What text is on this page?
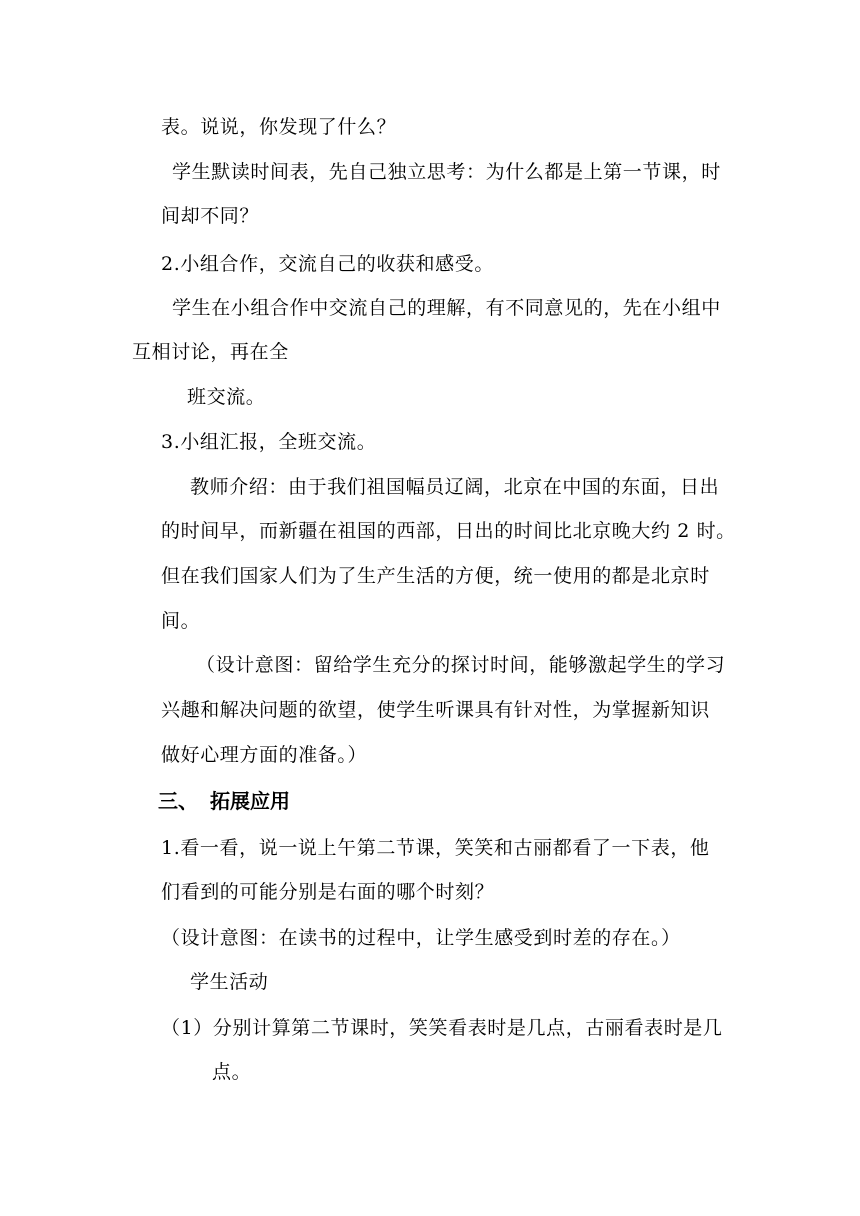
表。说说，你发现了什么？
学生默读时间表，先自己独立思考：为什么都是上第一节课，时
间却不同？
2.小组合作，交流自己的收获和感受。
学生在小组合作中交流自己的理解，有不同意见的，先在小组中
互相讨论，再在全
班交流。
3.小组汇报，全班交流。
教师介绍：由于我们祖国幅员辽阔，北京在中国的东面，日出
的时间早，而新疆在祖国的西部，日出的时间比北京晚大约 2 时。
但在我们国家人们为了生产生活的方便，统一使用的都是北京时
间。
（设计意图：留给学生充分的探讨时间，能够激起学生的学习
兴趣和解决问题的欲望，使学生听课具有针对性，为掌握新知识
做好心理方面的准备。）
三、 拓展应用
1.看一看，说一说上午第二节课，笑笑和古丽都看了一下表，他
们看到的可能分别是右面的哪个时刻？
（设计意图：在读书的过程中，让学生感受到时差的存在。）
学生活动
（1）分别计算第二节课时，笑笑看表时是几点，古丽看表时是几
点。
